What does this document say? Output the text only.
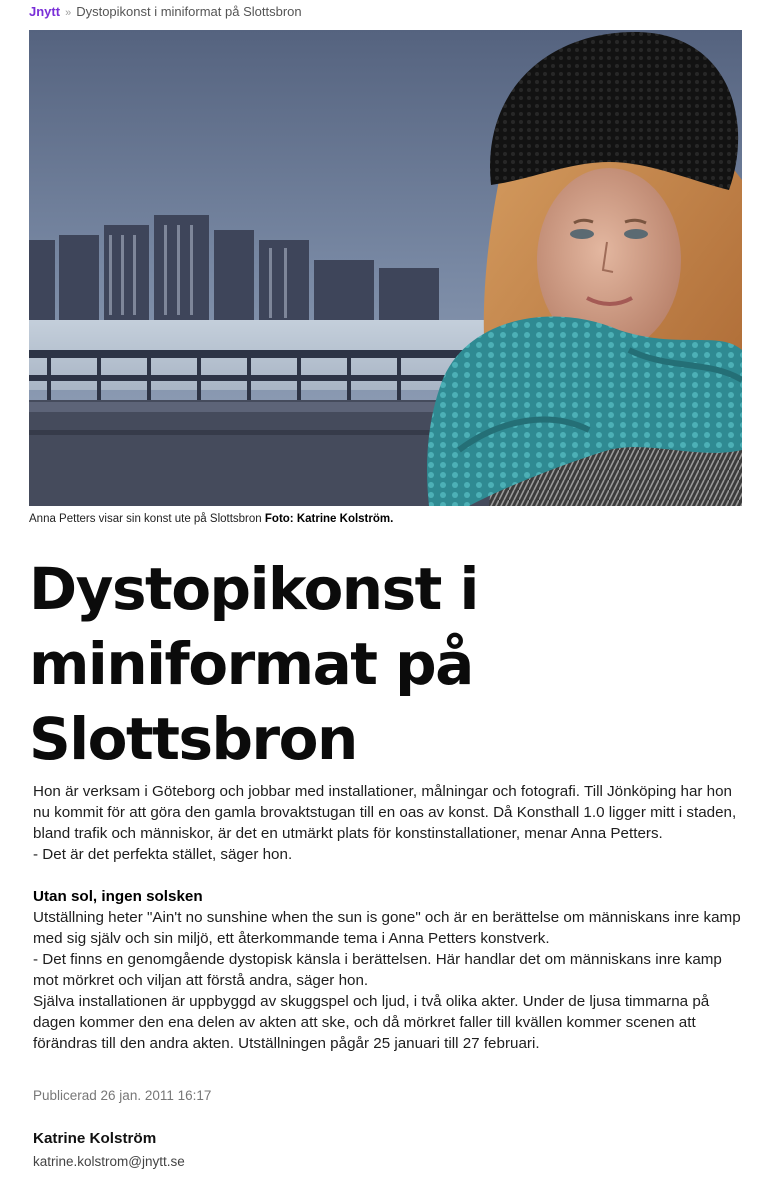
Jnytt » Dystopikonst i miniformat på Slottsbron
Anna Petters visar sin konst ute på Slottsbron Foto: Katrine Kolström.
Dystopikonst i miniformat på Slottsbron

Hon är verksam i Göteborg och jobbar med installationer, målningar och fotografi. Till Jönköping har hon nu kommit för att göra den gamla brovaktstugan till en oas av konst. Då Konsthall 1.0 ligger mitt i staden, bland trafik och människor, är det en utmärkt plats för konstinstallationer, menar Anna Petters.

- Det är det perfekta stället, säger hon.

Utan sol, ingen solsken

Utställning heter "Ain't no sunshine when the sun is gone" och är en berättelse om människans inre kamp med sig själv och sin miljö, ett återkommande tema i Anna Petters konstverk.

- Det finns en genomgående dystopisk känsla i berättelsen. Här handlar det om människans inre kamp mot mörkret och viljan att förstå andra, säger hon.

Själva installationen är uppbyggd av skuggspel och ljud, i två olika akter. Under de ljusa timmarna på dagen kommer den ena delen av akten att ske, och då mörkret faller till kvällen kommer scenen att förändras till den andra akten. Utställningen pågår 25 januari till 27 februari.

Publicerad 26 jan. 2011 16:17
Katrine Kolström
katrine.kolstrom@jnytt.se
